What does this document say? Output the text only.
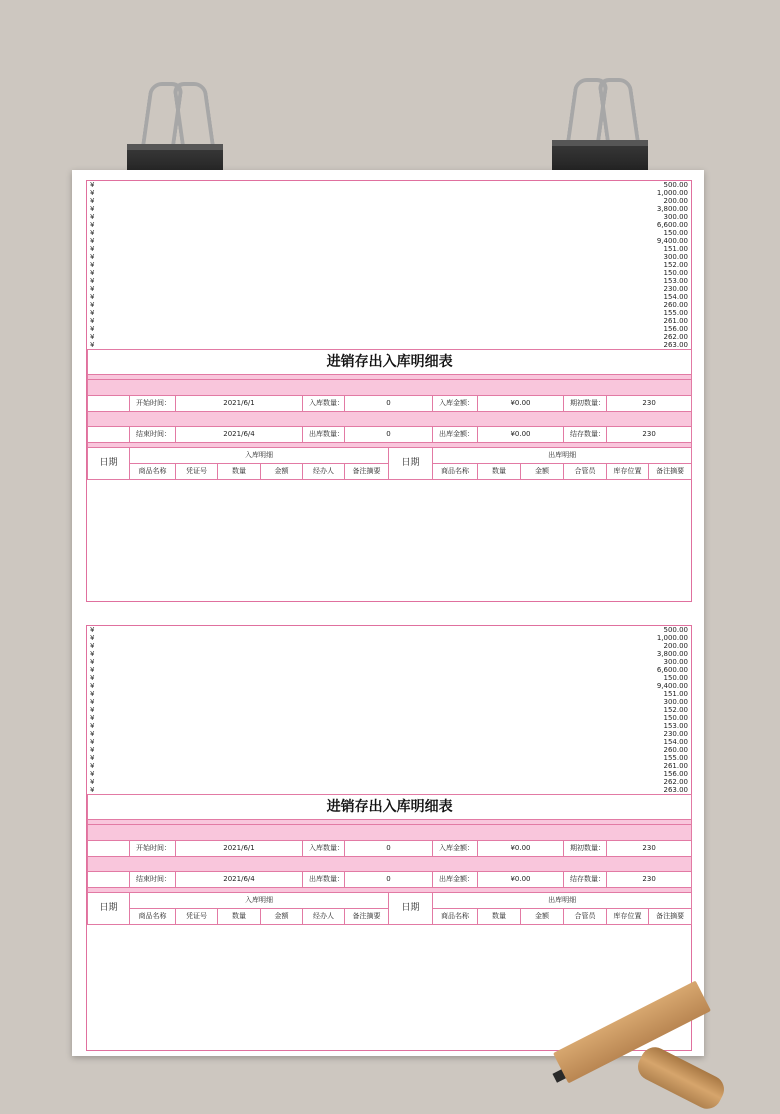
¥	500.00
¥	1,000.00
¥	200.00
¥	3,800.00
¥	300.00
¥	6,600.00
¥	150.00
¥	9,400.00
¥	151.00
¥	300.00
¥	152.00
¥	150.00
¥	153.00
¥	230.00
¥	154.00
¥	260.00
¥	155.00
¥	261.00
¥	156.00
¥	262.00
¥	263.00
进销存出入库明细表													

	开始时间：	2021/6/1			入库数量：	0		入库金额：	¥0.00		期初数量：	230	

	结束时间：	2021/6/4			出库数量：	0		出库金额：	¥0.00		结存数量：	230	

日期	入库明细						日期	出库明细					
	商品名称	凭证号	数量	金额	经办人	备注摘要		商品名称	数量	金额	合管员	库存位置	备注摘要
¥	500.00
¥	1,000.00
¥	200.00
¥	3,800.00
¥	300.00
¥	6,600.00
¥	150.00
¥	9,400.00
¥	151.00
¥	300.00
¥	152.00
¥	150.00
¥	153.00
¥	230.00
¥	154.00
¥	260.00
¥	155.00
¥	261.00
¥	156.00
¥	262.00
¥	263.00
进销存出入库明细表													

	开始时间：	2021/6/1			入库数量：	0		入库金额：	¥0.00		期初数量：	230	

	结束时间：	2021/6/4			出库数量：	0		出库金额：	¥0.00		结存数量：	230	

日期	入库明细						日期	出库明细					
	商品名称	凭证号	数量	金额	经办人	备注摘要		商品名称	数量	金额	合管员	库存位置	备注摘要
